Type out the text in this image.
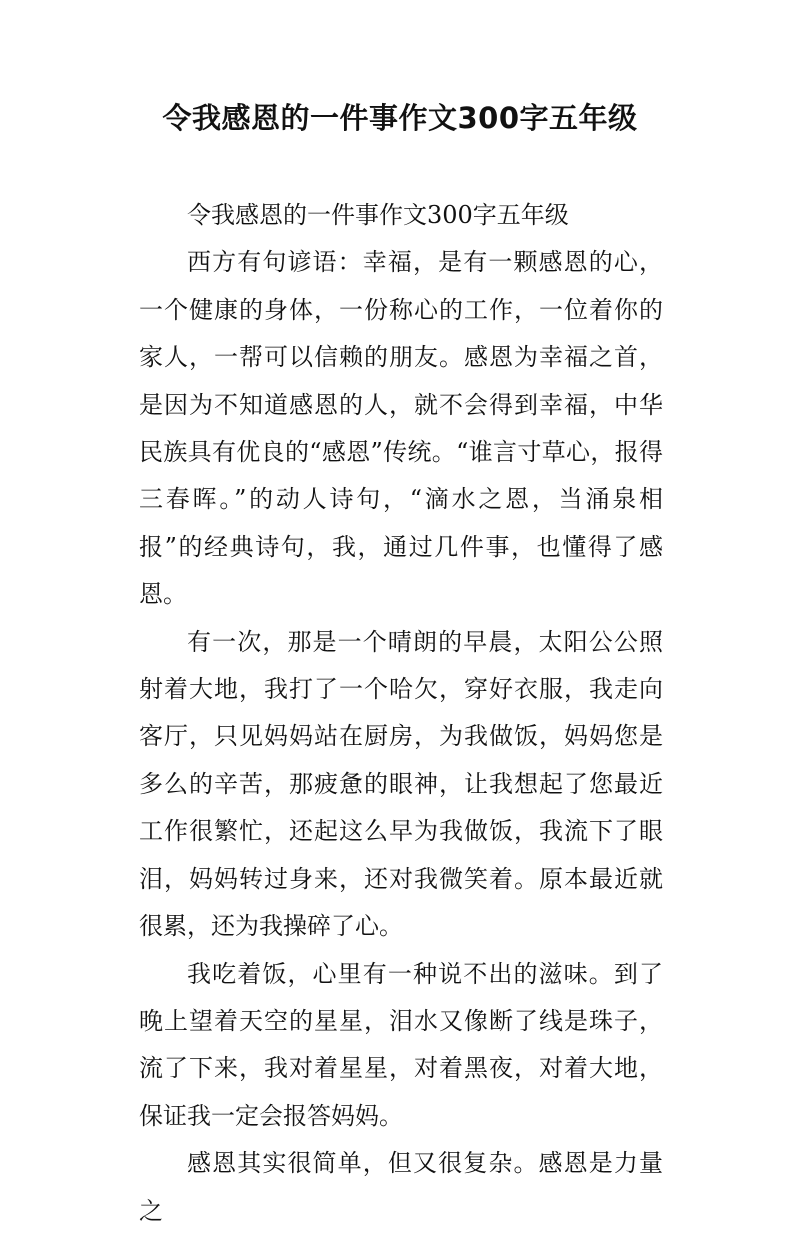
令我感恩的一件事作文300字五年级

令我感恩的一件事作文300字五年级

西方有句谚语：幸福，是有一颗感恩的心，一个健康的身体，一份称心的工作，一位着你的家人，一帮可以信赖的朋友。感恩为幸福之首，是因为不知道感恩的人，就不会得到幸福，中华民族具有优良的“感恩”传统。“谁言寸草心，报得三春晖。”的动人诗句，“滴水之恩，当涌泉相报”的经典诗句，我，通过几件事，也懂得了感恩。

有一次，那是一个晴朗的早晨，太阳公公照射着大地，我打了一个哈欠，穿好衣服，我走向客厅，只见妈妈站在厨房，为我做饭，妈妈您是多么的辛苦，那疲惫的眼神，让我想起了您最近工作很繁忙，还起这么早为我做饭，我流下了眼泪，妈妈转过身来，还对我微笑着。原本最近就很累，还为我操碎了心。

我吃着饭，心里有一种说不出的滋味。到了晚上望着天空的星星，泪水又像断了线是珠子，流了下来，我对着星星，对着黑夜，对着大地，保证我一定会报答妈妈。

感恩其实很简单，但又很复杂。感恩是力量之
